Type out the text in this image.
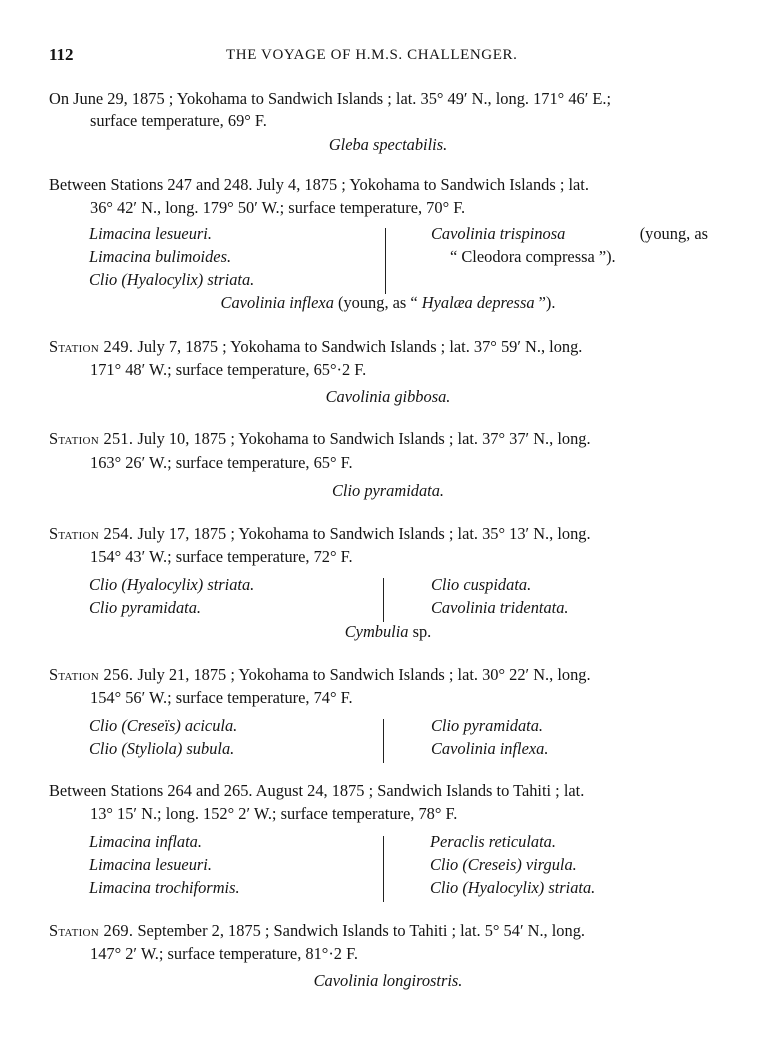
112	THE VOYAGE OF H.M.S. CHALLENGER.

On June 29, 1875 ; Yokohama to Sandwich Islands ; lat. 35° 49′ N., long. 171° 46′ E.;

surface temperature, 69° F.

Gleba spectabilis.

Between Stations 247 and 248. July 4, 1875 ; Yokohama to Sandwich Islands ; lat.

36° 42′ N., long. 179° 50′ W.; surface temperature, 70° F.

Limacina lesueuri.

Limacina bulimoides.

Clio (Hyalocylix) striata.

Cavolinia trispinosa	(young, as

“ Cleodora compressa ”).

Cavolinia inflexa (young, as “ Hyalæa depressa ”).

Station 249. July 7, 1875 ; Yokohama to Sandwich Islands ; lat. 37° 59′ N., long.

171° 48′ W.; surface temperature, 65°·2 F.

Cavolinia gibbosa.

Station 251. July 10, 1875 ; Yokohama to Sandwich Islands ; lat. 37° 37′ N., long.

163° 26′ W.; surface temperature, 65° F.

Clio pyramidata.

Station 254. July 17, 1875 ; Yokohama to Sandwich Islands ; lat. 35° 13′ N., long.

154° 43′ W.; surface temperature, 72° F.

Clio (Hyalocylix) striata.

Clio pyramidata.

Clio cuspidata.

Cavolinia tridentata.

Cymbulia sp.

Station 256. July 21, 1875 ; Yokohama to Sandwich Islands ; lat. 30° 22′ N., long.

154° 56′ W.; surface temperature, 74° F.

Clio (Creseïs) acicula.

Clio (Styliola) subula.

Clio pyramidata.

Cavolinia inflexa.

Between Stations 264 and 265. August 24, 1875 ; Sandwich Islands to Tahiti ; lat.

13° 15′ N.; long. 152° 2′ W.; surface temperature, 78° F.

Limacina inflata.

Limacina lesueuri.

Limacina trochiformis.

Peraclis reticulata.

Clio (Creseis) virgula.

Clio (Hyalocylix) striata.

Station 269. September 2, 1875 ; Sandwich Islands to Tahiti ; lat. 5° 54′ N., long.

147° 2′ W.; surface temperature, 81°·2 F.

Cavolinia longirostris.
